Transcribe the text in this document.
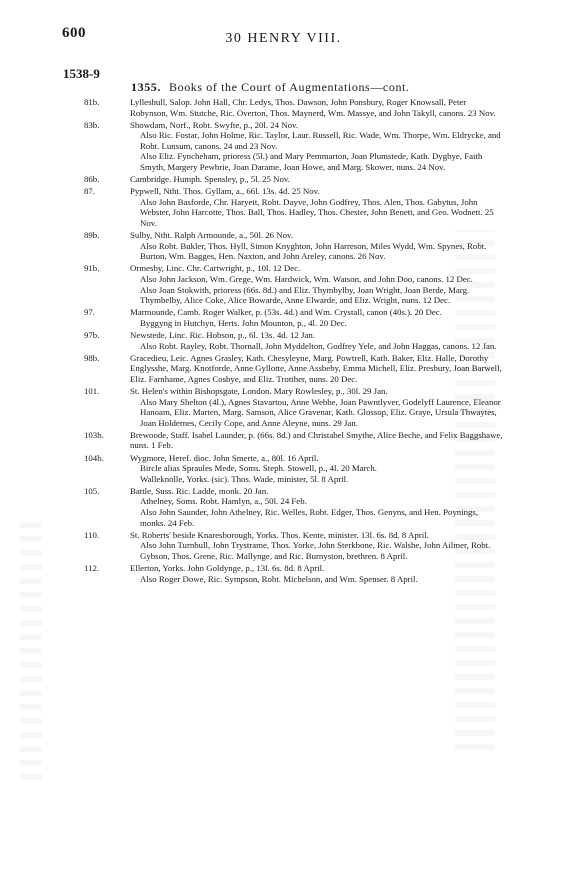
600	30 HENRY VIII.
1538-9
1355. Books of the Court of Augmentations—cont.
81b.	Lylleshull, Salop. John Hall, Chr. Ledys, Thos. Dawson, John Ponsbury, Roger Knowsall, Peter Robynson, Wm. Stutche, Ric. Overton, Thos. Maynerd, Wm. Massye, and John Takyll, canons. 23 Nov.
83b.	Showdam, Norf., Robt. Swyfte, p., 20l. 24 Nov.
Also Ric. Fostar, John Holme, Ric. Taylor, Laur. Russell, Ric. Wade, Wm. Thorpe, Wm. Eldrycke, and Robt. Lunsum, canons. 24 and 23 Nov.
Also Eliz. Fyncheham, prioress (5l.) and Mary Pemmarton, Joan Plumstede, Kath. Dygbye, Faith Smyth, Margery Pewbrie, Joan Darame, Joan Howe, and Marg. Skower, nuns. 24 Nov.
86b.	Cambridge. Humph. Spensley, p., 5l. 25 Nov.
87.	Pypwell, Ntht. Thos. Gyllam, a., 66l. 13s. 4d. 25 Nov.
Also John Basforde, Chr. Haryett, Robt. Dayve, John Godfrey, Thos. Alen, Thos. Gabytus, John Webster, John Harcotte, Thos. Ball, Thos. Hadley, Thos. Chester, John Benett, and Geo. Wodnett. 25 Nov.
89b.	Sulby, Ntht. Ralph Armounde, a., 50l. 26 Nov.
Also Robt. Bukler, Thos. Hyll, Simon Knyghton, John Harreson, Miles Wydd, Wm. Spynes, Robt. Burton, Wm. Bagges, Hen. Naxton, and John Areley, canons. 26 Nov.
91b.	Ormesby, Linc. Chr. Cartwright, p., 10l. 12 Dec.
Also John Jackson, Wm. Grege, Wm. Hardwick, Wm. Watson, and John Doo, canons. 12 Dec.
Also Joan Stokwith, prioress (66s. 8d.) and Eliz. Thymbylby, Joan Wright, Joan Berde, Marg. Thymbelby, Alice Coke, Alice Bowarde, Anne Elwarde, and Eliz. Wright, nuns. 12 Dec.
97.	Marmounde, Camb. Roger Walker, p. (53s. 4d.) and Wm. Crystall, canon (40s.). 20 Dec.
Byggyng in Hutchyn, Herts. John Mounton, p., 4l. 20 Dec.
97b.	Newstede, Linc. Ric. Hobson, p., 6l. 13s. 4d. 12 Jan.
Also Robt. Rayley, Robt. Thornall, John Myddelton, Godfrey Yele, and John Haggas, canons. 12 Jan.
98b.	Gracedieu, Leic. Agnes Grasley, Kath. Chesyleyne, Marg. Powtrell, Kath. Baker, Eliz. Halle, Dorothy Englysshe, Marg. Knotforde, Anne Gyllotte, Anne Assbeby, Emma Michell, Eliz. Presbury, Joan Barwell, Eliz. Farnhame, Agnes Cosbye, and Eliz. Trotther, nuns. 20 Dec.
101.	St. Helen's within Bishopsgate, London. Mary Rowlesley, p., 30l. 29 Jan.
Also Mary Shelton (4l.), Agnes Stavartou, Anne Webbe, Joan Pawntlyver, Godelyff Laurence, Eleanor Hanoam, Eliz. Marten, Marg. Samson, Alice Gravenar, Kath. Glossop, Eliz. Graye, Ursula Thwaytes, Joan Holdernes, Cecily Cope, and Anne Aleyne, nuns. 29 Jan.
103b.	Brewoode, Staff. Isabel Launder, p. (66s. 8d.) and Christabel Smythe, Alice Beche, and Felix Baggshawe, nuns. 1 Feb.
104b.	Wygmore, Heref. dioc. John Smerte, a., 80l. 16 April.
Bircle alias Spraules Mede, Soms. Steph. Stowell, p., 4l. 20 March.
Walleknolle, Yorks. (sic). Thos. Wade, minister, 5l. 8 April.
105.	Battle, Suss. Ric. Ladde, monk. 20 Jan.
Athelney, Soms. Robt. Hamlyn, a., 50l. 24 Feb.
Also John Saunder, John Athelney, Ric. Welles, Robt. Edger, Thos. Genyns, and Hen. Poynings, monks. 24 Feb.
110.	St. Roberts' beside Knaresborough, Yorks. Thos. Kente, minister. 13l. 6s. 8d. 8 April.
Also John Turnbull, John Trystrame, Thos. Yorke, John Sterkbone, Ric. Walshe, John Ailmer, Robt. Gybson, Thos. Grene, Ric. Mallynge, and Ric. Burnyston, brethren. 8 April.
112.	Ellerton, Yorks. John Goldynge, p., 13l. 6s. 8d. 8 April.
Also Roger Dowe, Ric. Sympson, Robt. Michelson, and Wm. Spenser. 8 April.
